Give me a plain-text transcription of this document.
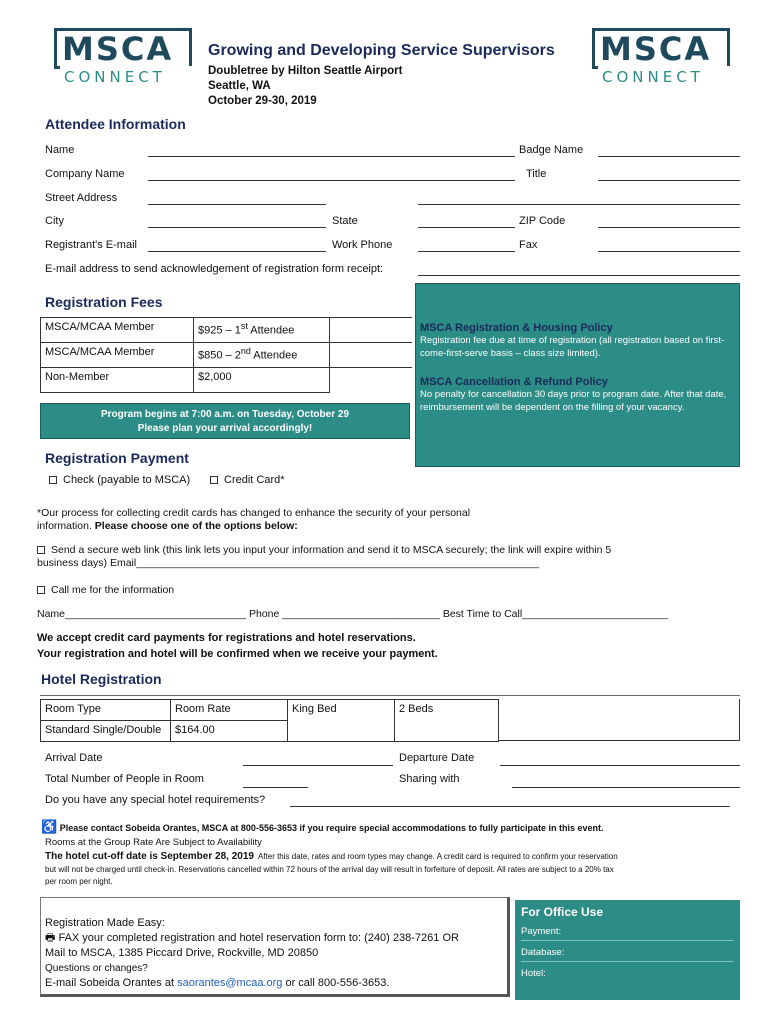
MSCA
CONNECT
Growing and Developing Service Supervisors
Doubletree by Hilton Seattle Airport
Seattle, WA
October 29-30, 2019
MSCA
CONNECT
Attendee Information
Name	Badge Name
Company Name	Title
Street Address
City	State	ZIP Code
Registrant's E-mail	Work Phone	Fax
E-mail address to send acknowledgement of registration form receipt:
Registration Fees
MSCA/MCAA Member	$925 – 1st Attendee	
MSCA/MCAA Member	$850 – 2nd Attendee	
Non-Member	$2,000	
Program begins at 7:00 a.m. on Tuesday, October 29
Please plan your arrival accordingly!
MSCA Registration & Housing Policy
Registration fee due at time of registration (all registration based on first-come-first-serve basis – class size limited).
MSCA Cancellation & Refund Policy
No penalty for cancellation 30 days prior to program date. After that date, reimbursement will be dependent on the filling of your vacancy.
Registration Payment
Check (payable to MSCA)	Credit Card*
*Our process for collecting credit cards has changed to enhance the security of your personal
information. Please choose one of the options below:
Send a secure web link (this link lets you input your information and send it to MSCA securely; the link will expire within 5
business days) Email_____________________________________________________________________
Call me for the information
Name_______________________________ Phone ___________________________ Best Time to Call_________________________
We accept credit card payments for registrations and hotel reservations.
Your registration and hotel will be confirmed when we receive your payment.
Hotel Registration
Room Type	Room Rate	King Bed	2 Beds
Standard Single/Double	$164.00		
Arrival Date	Departure Date
Total Number of People in Room	Sharing with
Do you have any special hotel requirements?
♿ Please contact Sobeida Orantes, MSCA at 800-556-3653 if you require special accommodations to fully participate in this event.
Rooms at the Group Rate Are Subject to Availability
The hotel cut-off date is September 28, 2019 After this date, rates and room types may change. A credit card is required to confirm your reservation
but will not be charged until check-in. Reservations cancelled within 72 hours of the arrival day will result in forfeiture of deposit. All rates are subject to a 20% tax
per room per night.
Registration Made Easy:
🖶 FAX your completed registration and hotel reservation form to: (240) 238-7261 OR
Mail to MSCA, 1385 Piccard Drive, Rockville, MD 20850
Questions or changes?
E-mail Sobeida Orantes at saorantes@mcaa.org or call 800-556-3653.
For Office Use
Payment:
Database:
Hotel:
